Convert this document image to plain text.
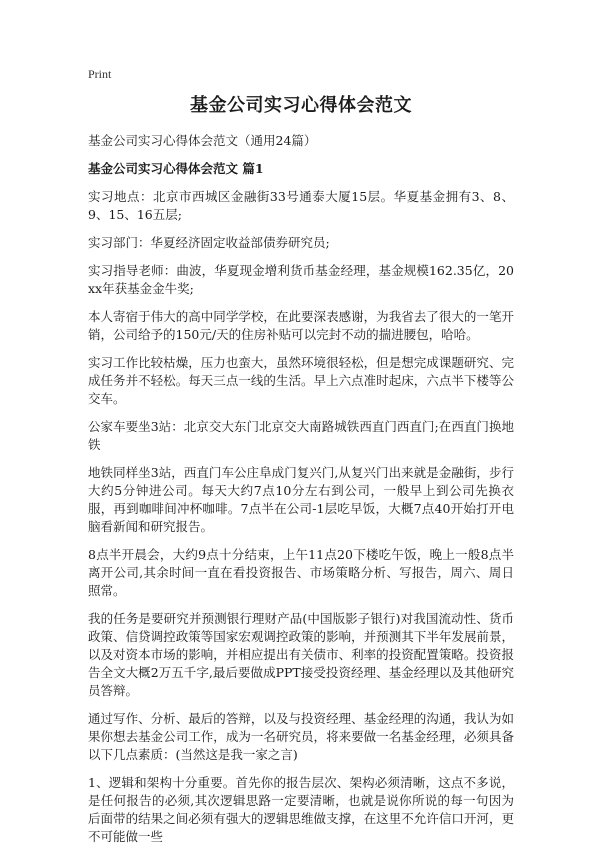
Print
基金公司实习心得体会范文
基金公司实习心得体会范文（通用24篇）
基金公司实习心得体会范文 篇1

实习地点：北京市西城区金融街33号通泰大厦15层。华夏基金拥有3、8、9、15、16五层;

实习部门：华夏经济固定收益部债券研究员;

实习指导老师：曲波，华夏现金增利货币基金经理，基金规模162.35亿，20xx年获基金金牛奖;

本人寄宿于伟大的高中同学学校，在此要深表感谢，为我省去了很大的一笔开销，公司给予的150元/天的住房补贴可以完封不动的揣进腰包，哈哈。

实习工作比较枯燥，压力也蛮大，虽然环境很轻松，但是想完成课题研究、完成任务并不轻松。每天三点一线的生活。早上六点准时起床，六点半下楼等公交车。

公家车要坐3站：北京交大东门北京交大南路城铁西直门西直门;在西直门换地铁

地铁同样坐3站，西直门车公庄阜成门复兴门,从复兴门出来就是金融街，步行大约5分钟进公司。每天大约7点10分左右到公司，一般早上到公司先换衣服，再到咖啡间冲杯咖啡。7点半在公司-1层吃早饭，大概7点40开始打开电脑看新闻和研究报告。

8点半开晨会，大约9点十分结束，上午11点20下楼吃午饭，晚上一般8点半离开公司,其余时间一直在看投资报告、市场策略分析、写报告，周六、周日照常。

我的任务是要研究并预测银行理财产品(中国版影子银行)对我国流动性、货币政策、信贷调控政策等国家宏观调控政策的影响，并预测其下半年发展前景，以及对资本市场的影响，并相应提出有关债市、利率的投资配置策略。投资报告全文大概2万五千字,最后要做成PPT接受投资经理、基金经理以及其他研究员答辩。

通过写作、分析、最后的答辩，以及与投资经理、基金经理的沟通，我认为如果你想去基金公司工作，成为一名研究员，将来要做一名基金经理，必须具备以下几点素质：(当然这是我一家之言)

1、逻辑和架构十分重要。首先你的报告层次、架构必须清晰，这点不多说，是任何报告的必须,其次逻辑思路一定要清晰，也就是说你所说的每一句因为后面带的结果之间必须有强大的逻辑思维做支撑，在这里不允许信口开河，更不可能做一些
